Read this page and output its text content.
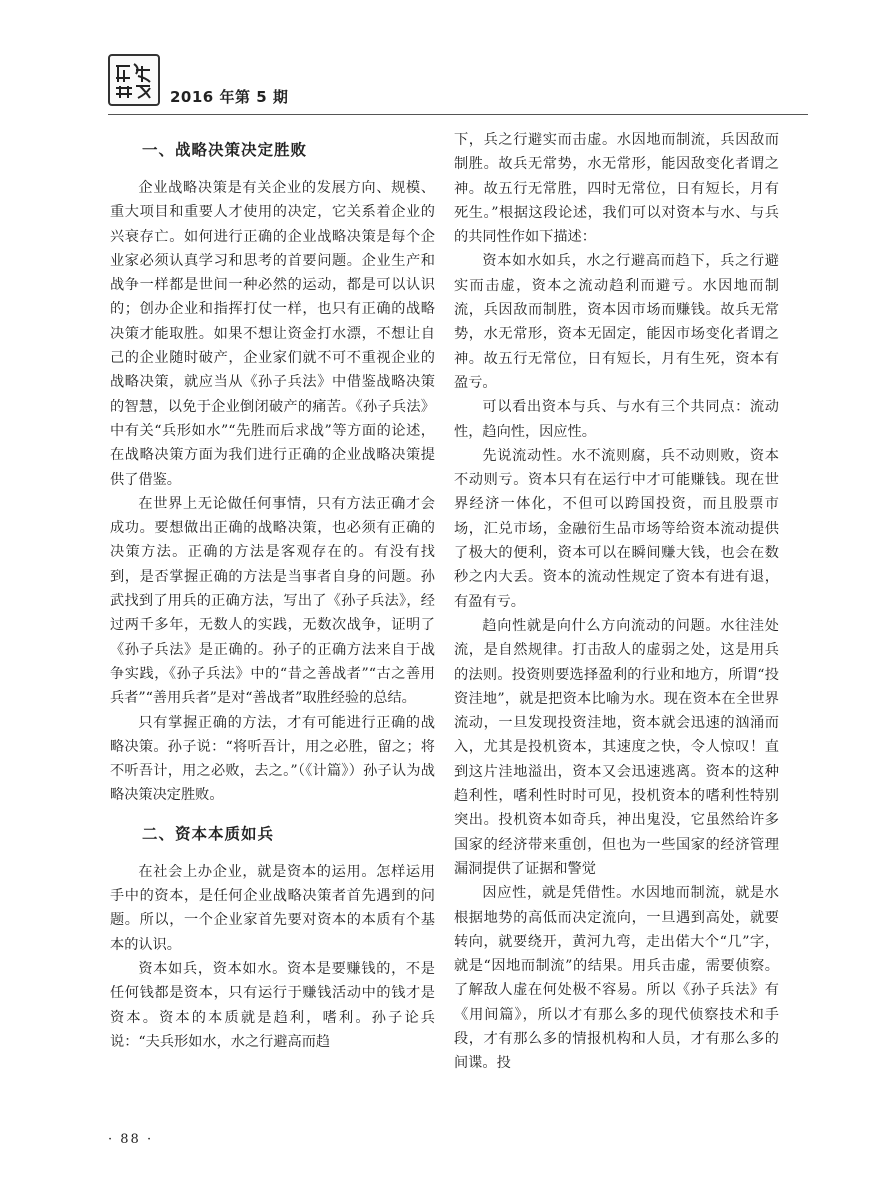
2016 年第 5 期
一、战略决策决定胜败

企业战略决策是有关企业的发展方向、规模、重大项目和重要人才使用的决定，它关系着企业的兴衰存亡。如何进行正确的企业战略决策是每个企业家必须认真学习和思考的首要问题。企业生产和战争一样都是世间一种必然的运动，都是可以认识的；创办企业和指挥打仗一样，也只有正确的战略决策才能取胜。如果不想让资金打水漂，不想让自己的企业随时破产，企业家们就不可不重视企业的战略决策，就应当从《孙子兵法》中借鉴战略决策的智慧，以免于企业倒闭破产的痛苦。《孙子兵法》中有关“兵形如水”“先胜而后求战”等方面的论述，在战略决策方面为我们进行正确的企业战略决策提供了借鉴。

在世界上无论做任何事情，只有方法正确才会成功。要想做出正确的战略决策，也必须有正确的决策方法。正确的方法是客观存在的。有没有找到，是否掌握正确的方法是当事者自身的问题。孙武找到了用兵的正确方法，写出了《孙子兵法》，经过两千多年，无数人的实践，无数次战争，证明了《孙子兵法》是正确的。孙子的正确方法来自于战争实践，《孙子兵法》中的“昔之善战者”“古之善用兵者”“善用兵者”是对“善战者”取胜经验的总结。

只有掌握正确的方法，才有可能进行正确的战略决策。孙子说：“将听吾计，用之必胜，留之；将不听吾计，用之必败，去之。”（《计篇》）孙子认为战略决策决定胜败。

二、资本本质如兵

在社会上办企业，就是资本的运用。怎样运用手中的资本，是任何企业战略决策者首先遇到的问题。所以，一个企业家首先要对资本的本质有个基本的认识。

资本如兵，资本如水。资本是要赚钱的，不是任何钱都是资本，只有运行于赚钱活动中的钱才是资本。资本的本质就是趋利，嗜利。孙子论兵说：“夫兵形如水，水之行避高而趋

下，兵之行避实而击虚。水因地而制流，兵因敌而制胜。故兵无常势，水无常形，能因敌变化者谓之神。故五行无常胜，四时无常位，日有短长，月有死生。”根据这段论述，我们可以对资本与水、与兵的共同性作如下描述：

资本如水如兵，水之行避高而趋下，兵之行避实而击虚，资本之流动趋利而避亏。水因地而制流，兵因敌而制胜，资本因市场而赚钱。故兵无常势，水无常形，资本无固定，能因市场变化者谓之神。故五行无常位，日有短长，月有生死，资本有盈亏。

可以看出资本与兵、与水有三个共同点：流动性，趋向性，因应性。

先说流动性。水不流则腐，兵不动则败，资本不动则亏。资本只有在运行中才可能赚钱。现在世界经济一体化，不但可以跨国投资，而且股票市场，汇兑市场，金融衍生品市场等给资本流动提供了极大的便利，资本可以在瞬间赚大钱，也会在数秒之内大丢。资本的流动性规定了资本有进有退，有盈有亏。

趋向性就是向什么方向流动的问题。水往洼处流，是自然规律。打击敌人的虚弱之处，这是用兵的法则。投资则要选择盈利的行业和地方，所谓“投资洼地”，就是把资本比喻为水。现在资本在全世界流动，一旦发现投资洼地，资本就会迅速的汹涌而入，尤其是投机资本，其速度之快，令人惊叹！直到这片洼地溢出，资本又会迅速逃离。资本的这种趋利性，嗜利性时时可见，投机资本的嗜利性特别突出。投机资本如奇兵，神出鬼没，它虽然给许多国家的经济带来重创，但也为一些国家的经济管理漏洞提供了证据和警觉

因应性，就是凭借性。水因地而制流，就是水根据地势的高低而决定流向，一旦遇到高处，就要转向，就要绕开，黄河九弯，走出偌大个“几”字，就是“因地而制流”的结果。用兵击虚，需要侦察。了解敌人虚在何处极不容易。所以《孙子兵法》有《用间篇》，所以才有那么多的现代侦察技术和手段，才有那么多的情报机构和人员，才有那么多的间谍。投

· 88 ·
